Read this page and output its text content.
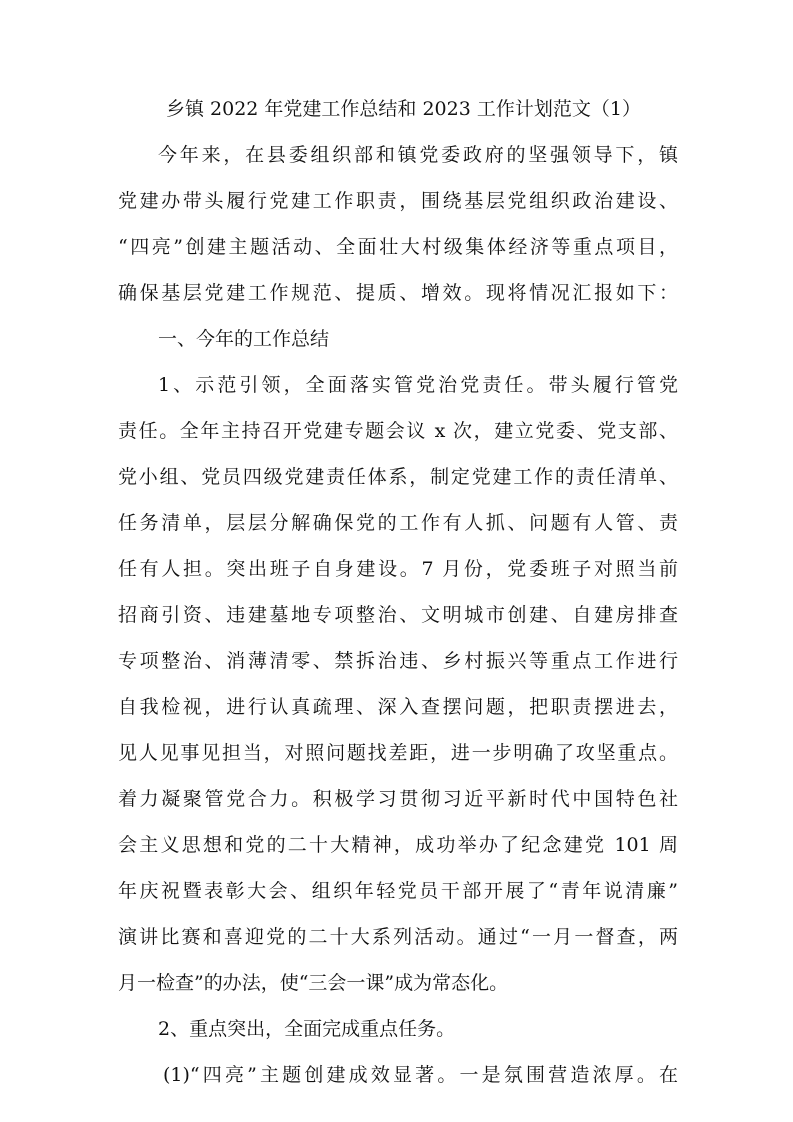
乡镇 2022 年党建工作总结和 2023 工作计划范文（1）
今年来，在县委组织部和镇党委政府的坚强领导下，镇
党建办带头履行党建工作职责，围绕基层党组织政治建设、
“四亮”创建主题活动、全面壮大村级集体经济等重点项目，
确保基层党建工作规范、提质、增效。现将情况汇报如下：
一、今年的工作总结
1、示范引领，全面落实管党治党责任。带头履行管党
责任。全年主持召开党建专题会议 x 次，建立党委、党支部、
党小组、党员四级党建责任体系，制定党建工作的责任清单、
任务清单，层层分解确保党的工作有人抓、问题有人管、责
任有人担。突出班子自身建设。7 月份，党委班子对照当前
招商引资、违建墓地专项整治、文明城市创建、自建房排查
专项整治、消薄清零、禁拆治违、乡村振兴等重点工作进行
自我检视，进行认真疏理、深入查摆问题，把职责摆进去，
见人见事见担当，对照问题找差距，进一步明确了攻坚重点。
着力凝聚管党合力。积极学习贯彻习近平新时代中国特色社
会主义思想和党的二十大精神，成功举办了纪念建党 101 周
年庆祝暨表彰大会、组织年轻党员干部开展了“青年说清廉”
演讲比赛和喜迎党的二十大系列活动。通过“一月一督查，两
月一检查”的办法，使“三会一课”成为常态化。
2、重点突出，全面完成重点任务。
(1)“四亮”主题创建成效显著。一是氛围营造浓厚。在
